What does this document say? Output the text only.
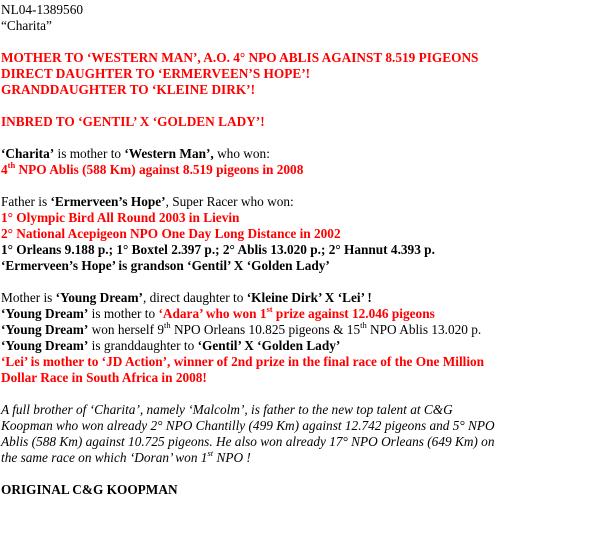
NL04-1389560
“Charita”
MOTHER TO ‘WESTERN MAN’, A.O. 4° NPO ABLIS AGAINST 8.519 PIGEONS
DIRECT DAUGHTER TO ‘ERMERVEEN’S HOPE’!
GRANDDAUGHTER TO ‘KLEINE DIRK’!
INBRED TO ‘GENTIL’ X ‘GOLDEN LADY’!
‘Charita’ is mother to ‘Western Man’, who won:
4th NPO Ablis (588 Km) against 8.519 pigeons in 2008
Father is ‘Ermerveen’s Hope’, Super Racer who won:
1° Olympic Bird All Round 2003 in Lievin
2° National Acepigeon NPO One Day Long Distance in 2002
1° Orleans 9.188 p.; 1° Boxtel 2.397 p.; 2° Ablis 13.020 p.; 2° Hannut 4.393 p.
‘Ermerveen’s Hope’ is grandson ‘Gentil’ X ‘Golden Lady’
Mother is ‘Young Dream’, direct daughter to ‘Kleine Dirk’ X ‘Lei’ !
‘Young Dream’ is mother to ‘Adara’ who won 1st prize against 12.046 pigeons
‘Young Dream’ won herself 9th NPO Orleans 10.825 pigeons & 15th NPO Ablis 13.020 p.
‘Young Dream’ is granddaughter to ‘Gentil’ X ‘Golden Lady’
‘Lei’ is mother to ‘JD Action’, winner of 2nd prize in the final race of the One Million
Dollar Race in South Africa in 2008!
A full brother of ‘Charita’, namely ‘Malcolm’, is father to the new top talent at C&G
Koopman who won already 2° NPO Chantilly (499 Km) against 12.742 pigeons and 5° NPO
Ablis (588 Km) against 10.725 pigeons. He also won already 17° NPO Orleans (649 Km) on
the same race on which ‘Doran’ won 1st NPO !
ORIGINAL C&G KOOPMAN
